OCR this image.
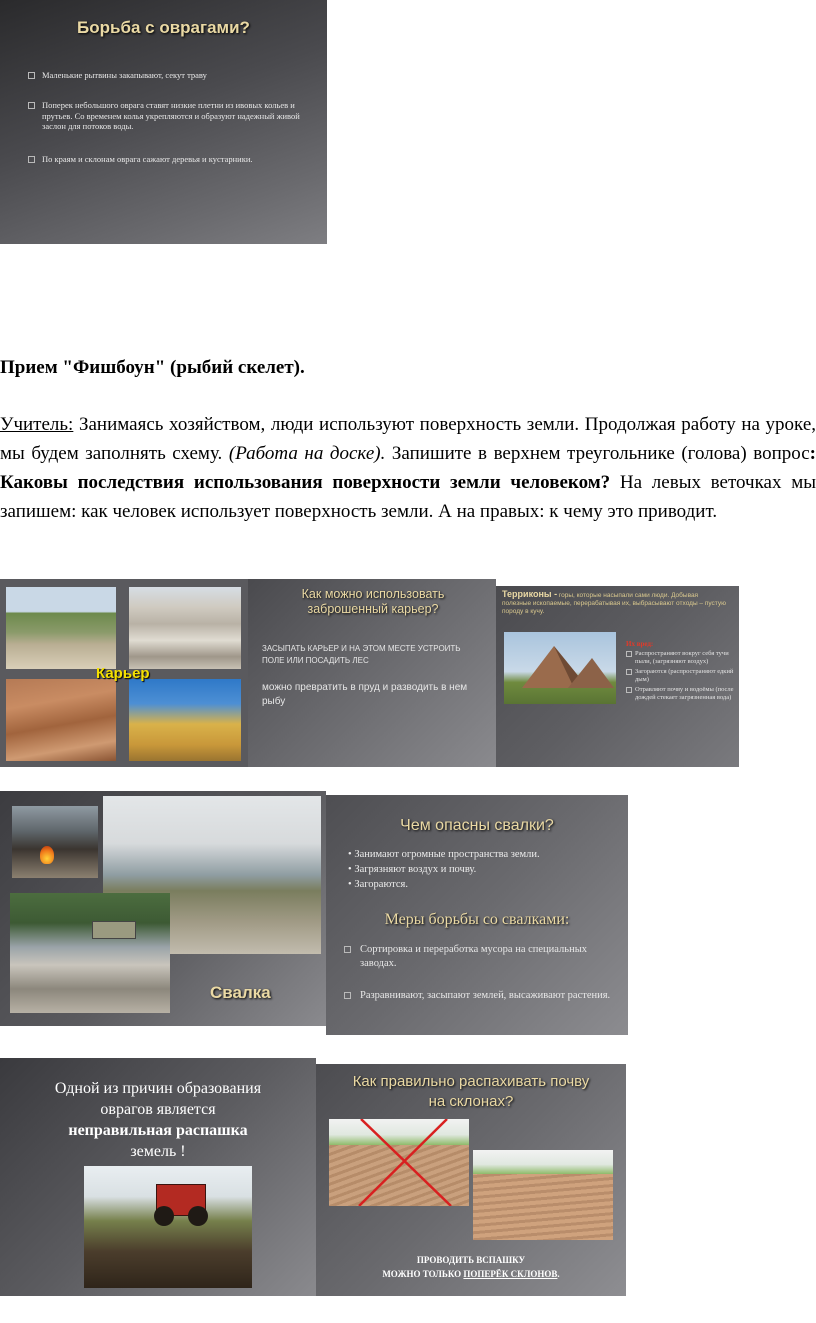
Борьба с оврагами?
Маленькие рытвины закапывают, секут траву
Поперек небольшого оврага ставят низкие плетни из ивовых кольев и прутьев. Со временем колья укрепляются и образуют надежный живой заслон для потоков воды.
По краям и склонам оврага сажают деревья и кустарники.
Прием "Фишбоун" (рыбий скелет).
Учитель: Занимаясь хозяйством, люди используют поверхность земли. Продолжая работу на уроке, мы будем заполнять схему. (Работа на доске). Запишите в верхнем треугольнике (голова) вопрос: Каковы последствия использования поверхности земли человеком? На левых веточках мы запишем: как человек использует поверхность земли. А на правых: к чему это приводит.
Карьер
Как можно использовать заброшенный карьер?
ЗАСЫПАТЬ КАРЬЕР И НА ЭТОМ МЕСТЕ УСТРОИТЬ ПОЛЕ ИЛИ ПОСАДИТЬ ЛЕС
можно превратить в пруд и разводить в нем рыбу
Терриконы - горы, которые насыпали сами люди. Добывая полезные ископаемые, перерабатывая их, выбрасывают отходы – пустую породу в кучу.
Их вред:
Распространяют вокруг себя тучи пыли, (загрязняют воздух)
Загораются (распространяют едкий дым)
Отравляют почву и водоёмы (после дождей стекает загрязненная вода)
Свалка
Чем опасны свалки?
• Занимают огромные пространства земли.
• Загрязняют воздух и почву.
• Загораются.
Меры борьбы со свалками:
Сортировка и переработка мусора на специальных заводах.
Разравнивают, засыпают землей, высаживают растения.
Одной из причин образования
оврагов является
неправильная распашка
земель !
Как правильно распахивать почву на склонах?
ПРОВОДИТЬ ВСПАШКУ
МОЖНО ТОЛЬКО ПОПЕРЁК СКЛОНОВ.
